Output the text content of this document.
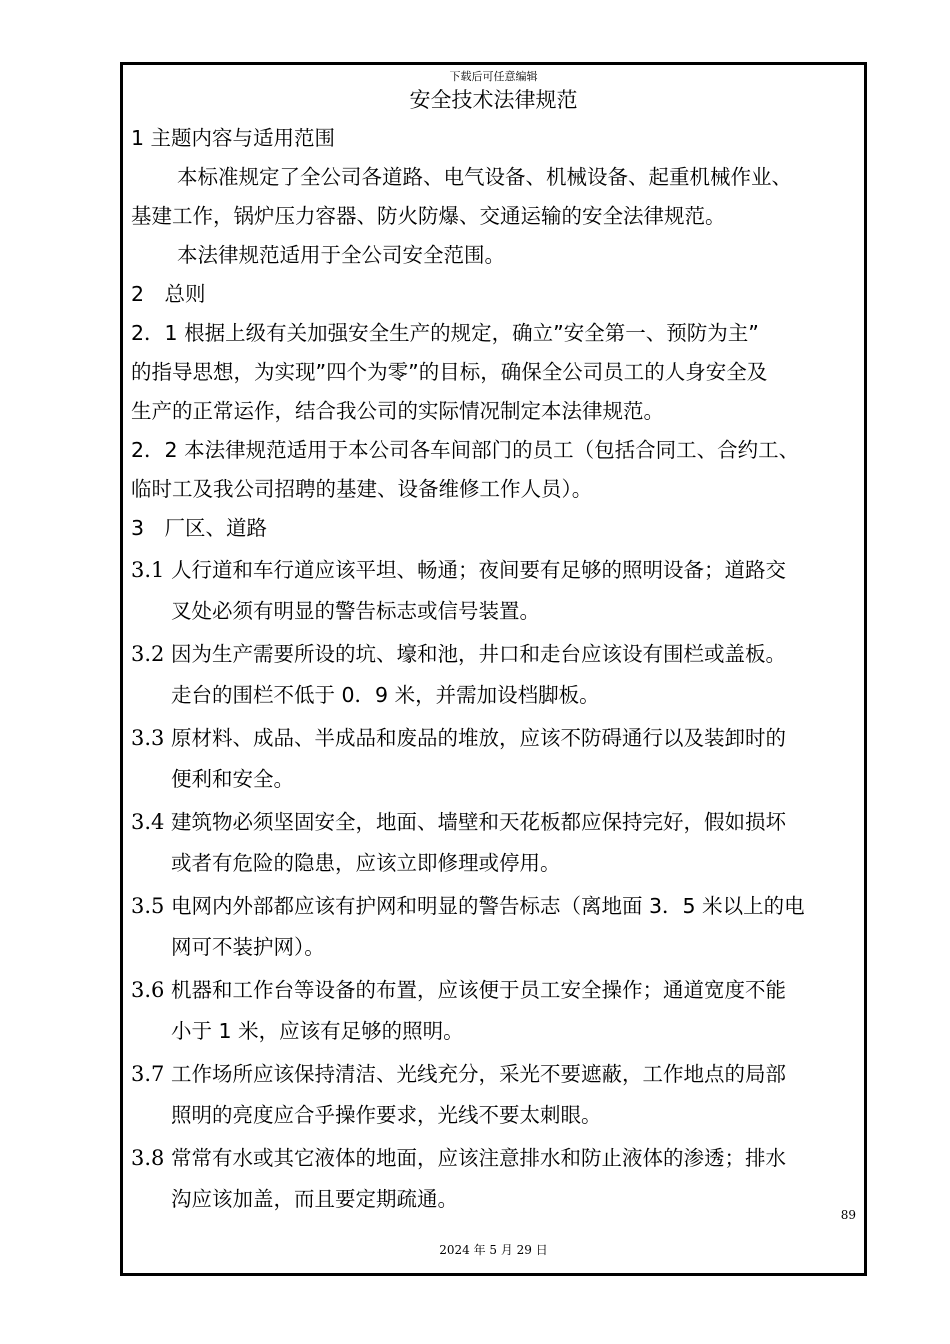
下载后可任意编辑
安全技术法律规范
1 主题内容与适用范围
本标准规定了全公司各道路、电气设备、机械设备、起重机械作业、
基建工作，锅炉压力容器、防火防爆、交通运输的安全法律规范。
本法律规范适用于全公司安全范围。
2　总则
2．1 根据上级有关加强安全生产的规定，确立”安全第一、预防为主”
的指导思想，为实现”四个为零”的目标，确保全公司员工的人身安全及
生产的正常运作，结合我公司的实际情况制定本法律规范。
2．2 本法律规范适用于本公司各车间部门的员工（包括合同工、合约工、
临时工及我公司招聘的基建、设备维修工作人员）。
3　厂区、道路
3.1 人行道和车行道应该平坦、畅通；夜间要有足够的照明设备；道路交
叉处必须有明显的警告标志或信号装置。
3.2 因为生产需要所设的坑、壕和池，井口和走台应该设有围栏或盖板。
走台的围栏不低于 0．9 米，并需加设档脚板。
3.3 原材料、成品、半成品和废品的堆放，应该不防碍通行以及装卸时的
便利和安全。
3.4 建筑物必须坚固安全，地面、墙壁和天花板都应保持完好，假如损坏
或者有危险的隐患，应该立即修理或停用。
3.5 电网内外部都应该有护网和明显的警告标志（离地面 3．5 米以上的电
网可不装护网）。
3.6 机器和工作台等设备的布置，应该便于员工安全操作；通道宽度不能
小于 1 米，应该有足够的照明。
3.7 工作场所应该保持清洁、光线充分，采光不要遮蔽，工作地点的局部
照明的亮度应合乎操作要求，光线不要太刺眼。
3.8 常常有水或其它液体的地面，应该注意排水和防止液体的渗透；排水
沟应该加盖，而且要定期疏通。
89
2024 年 5 月 29 日
